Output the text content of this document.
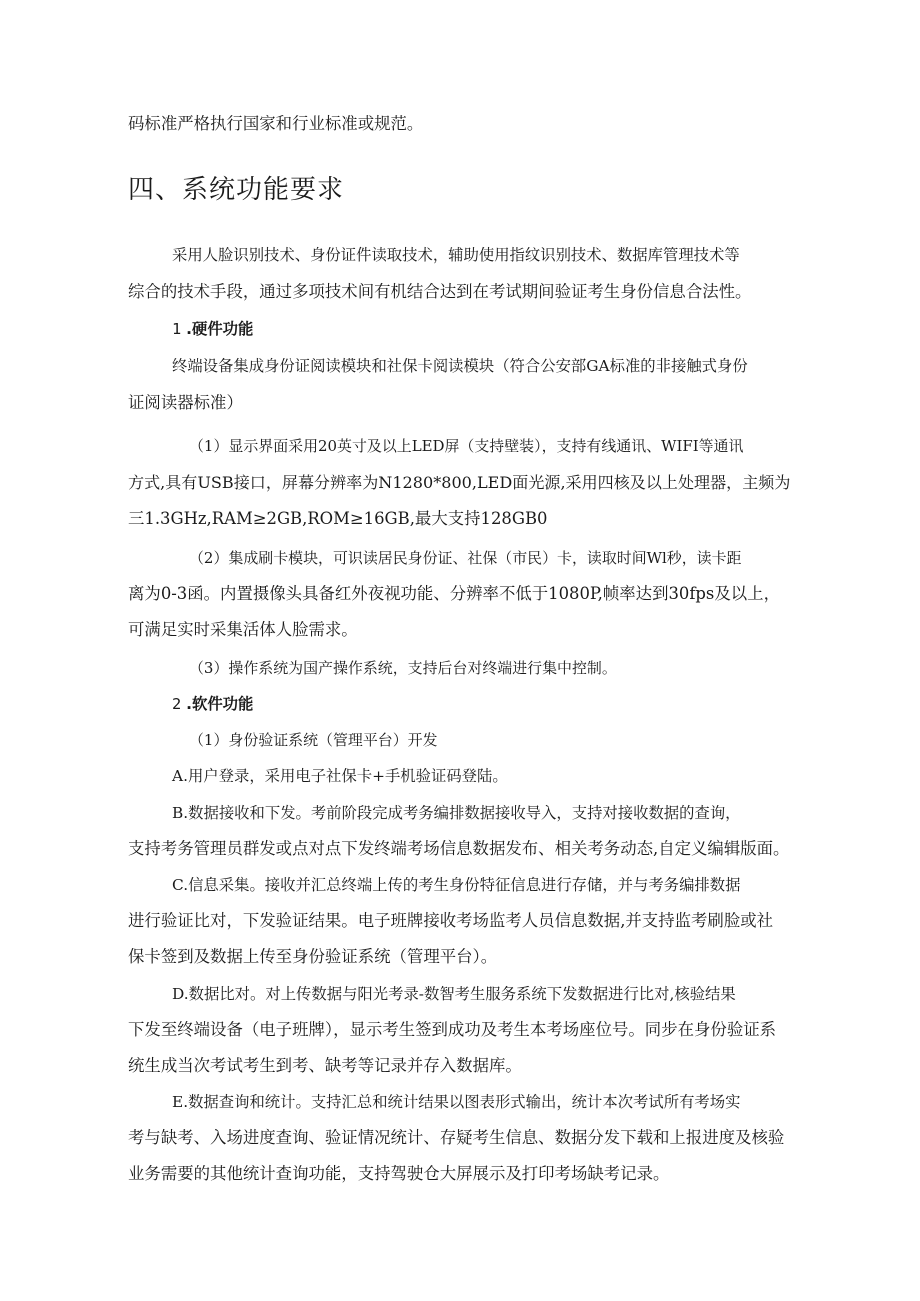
码标准严格执行国家和行业标准或规范。
四、系统功能要求
采用人脸识别技术、身份证件读取技术，辅助使用指纹识别技术、数据库管理技术等
综合的技术手段，通过多项技术间有机结合达到在考试期间验证考生身份信息合法性。
1 .硬件功能
终端设备集成身份证阅读模块和社保卡阅读模块（符合公安部GA标准的非接触式身份
证阅读器标准）
（1）显示界面采用20英寸及以上LED屏（支持壁装），支持有线通讯、WIFI等通讯
方式,具有USB接口，屏幕分辨率为N1280*800,LED面光源,采用四核及以上处理器，主频为
三1.3GHz,RAM≥2GB,ROM≥16GB,最大支持128GB0
（2）集成刷卡模块，可识读居民身份证、社保（市民）卡，读取时间Wl秒，读卡距
离为0-3函。内置摄像头具备红外夜视功能、分辨率不低于1080P,帧率达到30fps及以上，
可满足实时采集活体人脸需求。
（3）操作系统为国产操作系统，支持后台对终端进行集中控制。
2 .软件功能
（1）身份验证系统（管理平台）开发
A.用户登录，采用电子社保卡+手机验证码登陆。
B.数据接收和下发。考前阶段完成考务编排数据接收导入，支持对接收数据的查询，
支持考务管理员群发或点对点下发终端考场信息数据发布、相关考务动态,自定义编辑版面。
C.信息采集。接收并汇总终端上传的考生身份特征信息进行存储，并与考务编排数据
进行验证比对，下发验证结果。电子班牌接收考场监考人员信息数据,并支持监考刷脸或社
保卡签到及数据上传至身份验证系统（管理平台）。
D.数据比对。对上传数据与阳光考录-数智考生服务系统下发数据进行比对,核验结果
下发至终端设备（电子班牌），显示考生签到成功及考生本考场座位号。同步在身份验证系
统生成当次考试考生到考、缺考等记录并存入数据库。
E.数据查询和统计。支持汇总和统计结果以图表形式输出，统计本次考试所有考场实
考与缺考、入场进度查询、验证情况统计、存疑考生信息、数据分发下载和上报进度及核验
业务需要的其他统计查询功能，支持驾驶仓大屏展示及打印考场缺考记录。
